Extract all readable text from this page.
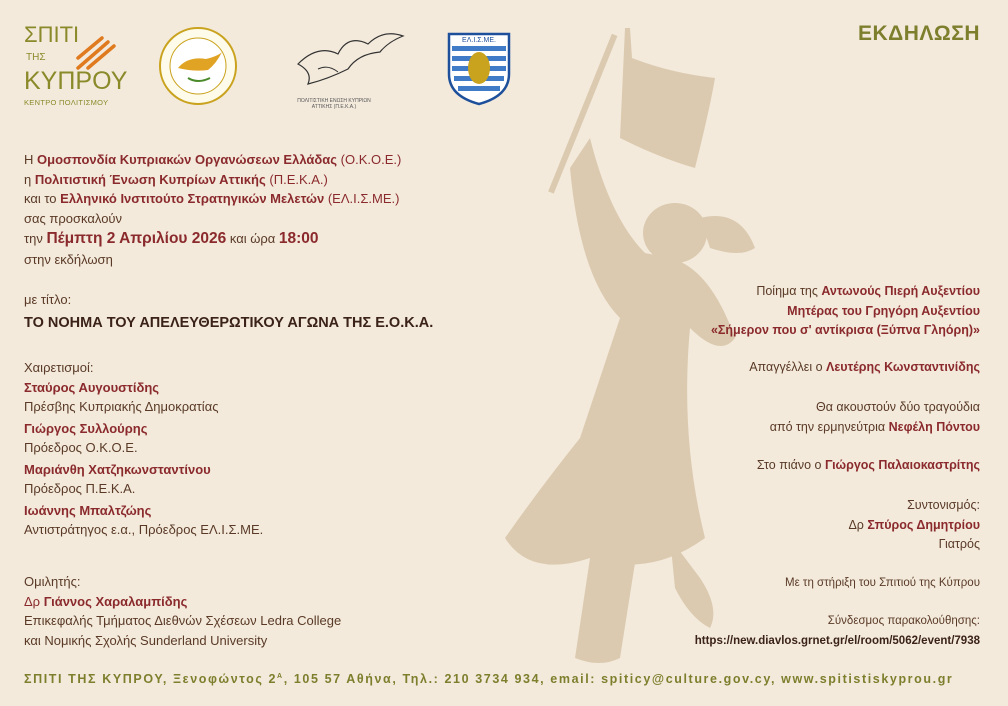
ΕΚΔΗΛΩΣΗ
ΣΠΙΤΙ
ΤΗΣ
ΚΥΠΡΟΥ
ΚΕΝΤΡΟ ΠΟΛΙΤΙΣΜΟΥ	ΠΟΛΙΤΙΣΤΙΚΗ ΕΝΩΣΗ ΚΥΠΡΙΩΝ ΑΤΤΙΚΗΣ (Π.Ε.Κ.Α.)
ΕΛ.Ι.Σ.ΜΕ.
Η Ομοσπονδία Κυπριακών Οργανώσεων Ελλάδας (Ο.Κ.Ο.Ε.)
η Πολιτιστική Ένωση Κυπρίων Αττικής (Π.Ε.Κ.Α.)
και το Ελληνικό Ινστιτούτο Στρατηγικών Μελετών (ΕΛ.Ι.Σ.ΜΕ.)
σας προσκαλούν
την Πέμπτη 2 Απριλίου 2026 και ώρα 18:00
στην εκδήλωση
με τίτλο:
ΤΟ ΝΟΗΜΑ ΤΟΥ ΑΠΕΛΕΥΘΕΡΩΤΙΚΟΥ ΑΓΩΝΑ ΤΗΣ Ε.Ο.Κ.Α.
Χαιρετισμοί:
Σταύρος Αυγουστίδης
Πρέσβης Κυπριακής Δημοκρατίας
Γιώργος Συλλούρης
Πρόεδρος Ο.Κ.Ο.Ε.
Μαριάνθη Χατζηκωνσταντίνου
Πρόεδρος Π.Ε.Κ.Α.
Ιωάννης Μπαλτζώης
Αντιστράτηγος ε.α., Πρόεδρος ΕΛ.Ι.Σ.ΜΕ.
Ομιλητής:
Δρ Γιάννος Χαραλαμπίδης
Επικεφαλής Τμήματος Διεθνών Σχέσεων Ledra College
και Νομικής Σχολής Sunderland University
Ποίημα της Αντωνούς Πιερή Αυξεντίου
Μητέρας του Γρηγόρη Αυξεντίου
«Σήμερον που σ' αντίκρισα (Ξύπνα Γληόρη)»
Απαγγέλλει ο Λευτέρης Κωνσταντινίδης
Θα ακουστούν δύο τραγούδια
από την ερμηνεύτρια Νεφέλη Πόντου
Στο πιάνο ο Γιώργος Παλαιοκαστρίτης
Συντονισμός:
Δρ Σπύρος Δημητρίου
Γιατρός
Με τη στήριξη του Σπιτιού της Κύπρου
Σύνδεσμος παρακολούθησης:
https://new.diavlos.grnet.gr/el/room/5062/event/7938
ΣΠΙΤΙ ΤΗΣ ΚΥΠΡΟΥ, Ξενοφώντος $2^A$, 105 57 Αθήνα, Τηλ.: 210 3734 934, email: spiticy@culture.gov.cy, www.spitistiskyprou.gr
